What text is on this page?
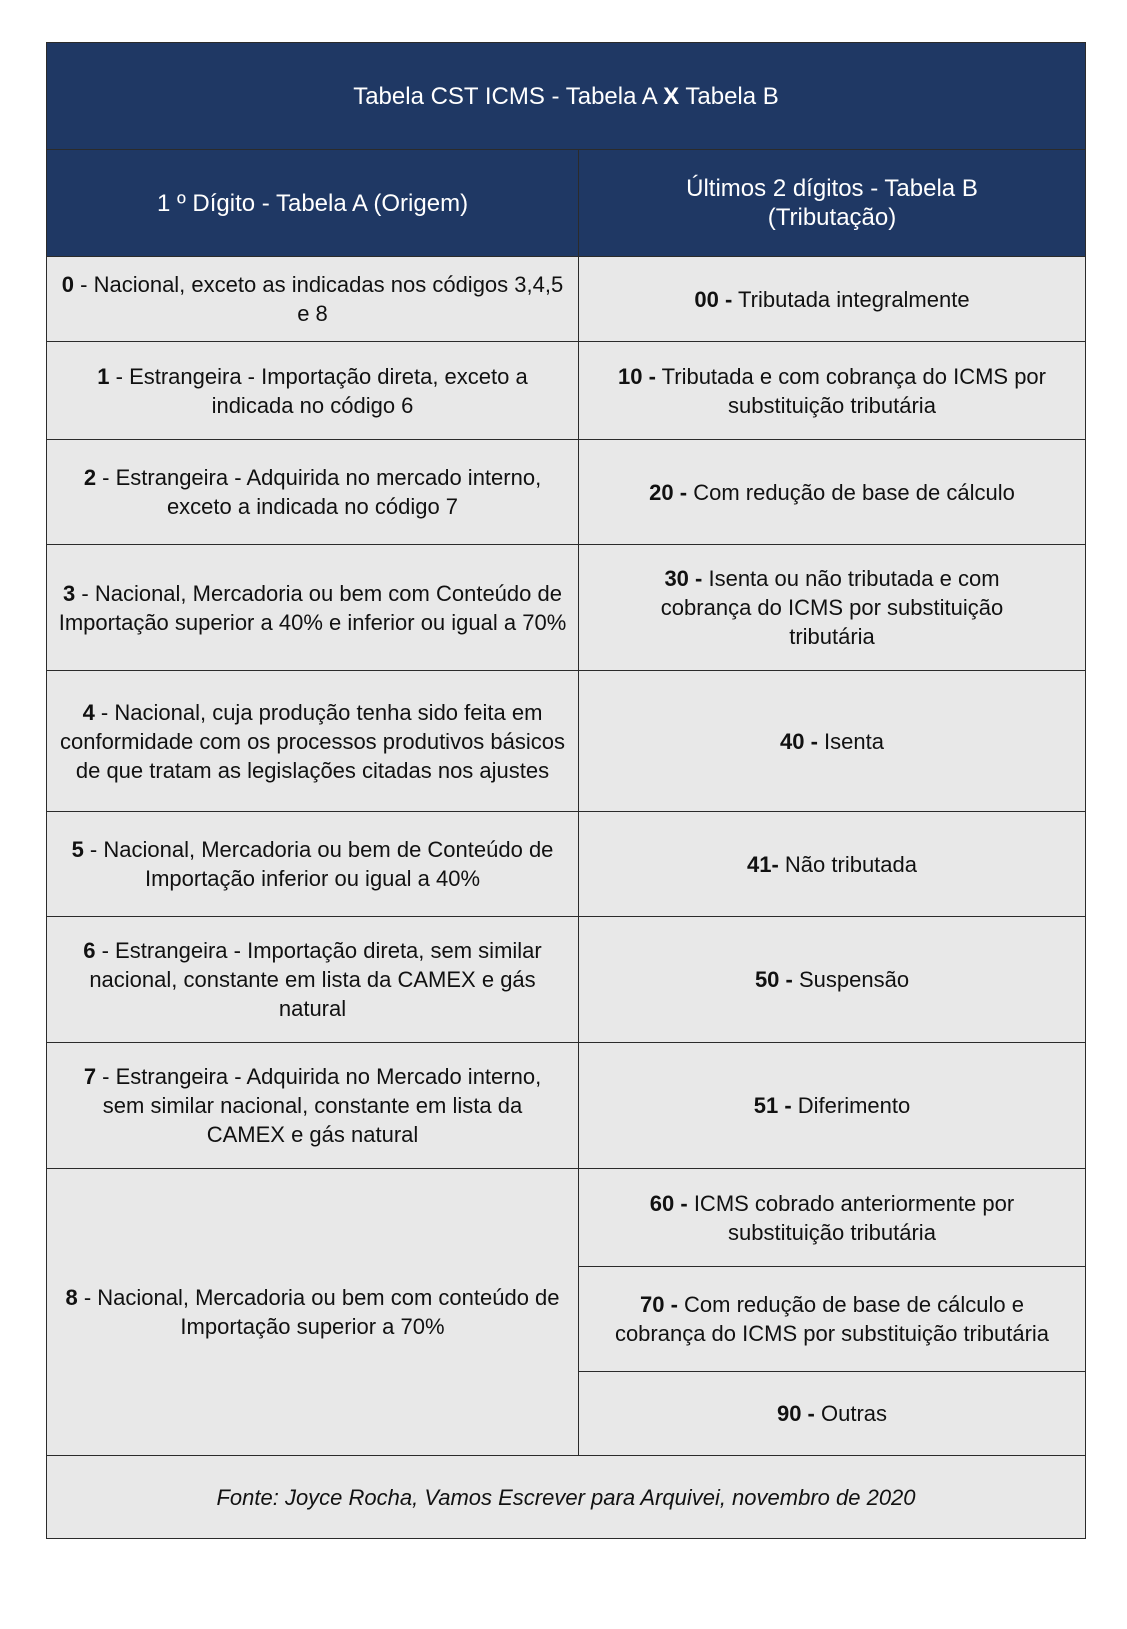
Tabela CST ICMS - Tabela A X Tabela B	
1 º Dígito - Tabela A (Origem)	Últimos 2 dígitos - Tabela B (Tributação)
0 - Nacional, exceto as indicadas nos códigos 3,4,5 e 8	00 - Tributada integralmente
1 - Estrangeira - Importação direta, exceto a indicada no código 6	10 - Tributada e com cobrança do ICMS por substituição tributária
2 - Estrangeira - Adquirida no mercado interno, exceto a indicada no código 7	20 - Com redução de base de cálculo
3 - Nacional, Mercadoria ou bem com Conteúdo de Importação superior a 40% e inferior ou igual a 70%	30 - Isenta ou não tributada e com cobrança do ICMS por substituição tributária
4 - Nacional, cuja produção tenha sido feita em conformidade com os processos produtivos básicos de que tratam as legislações citadas nos ajustes	40 - Isenta
5 - Nacional, Mercadoria ou bem de Conteúdo de Importação inferior ou igual a 40%	41- Não tributada
6 - Estrangeira - Importação direta, sem similar nacional, constante em lista da CAMEX e gás natural	50 - Suspensão
7 - Estrangeira - Adquirida no Mercado interno, sem similar nacional, constante em lista da CAMEX e gás natural	51 - Diferimento
8 - Nacional, Mercadoria ou bem com conteúdo de Importação superior a 70%	60 - ICMS cobrado anteriormente por substituição tributária
	70 - Com redução de base de cálculo e cobrança do ICMS por substituição tributária
	90 - Outras
Fonte: Joyce Rocha, Vamos Escrever para Arquivei, novembro de 2020	
